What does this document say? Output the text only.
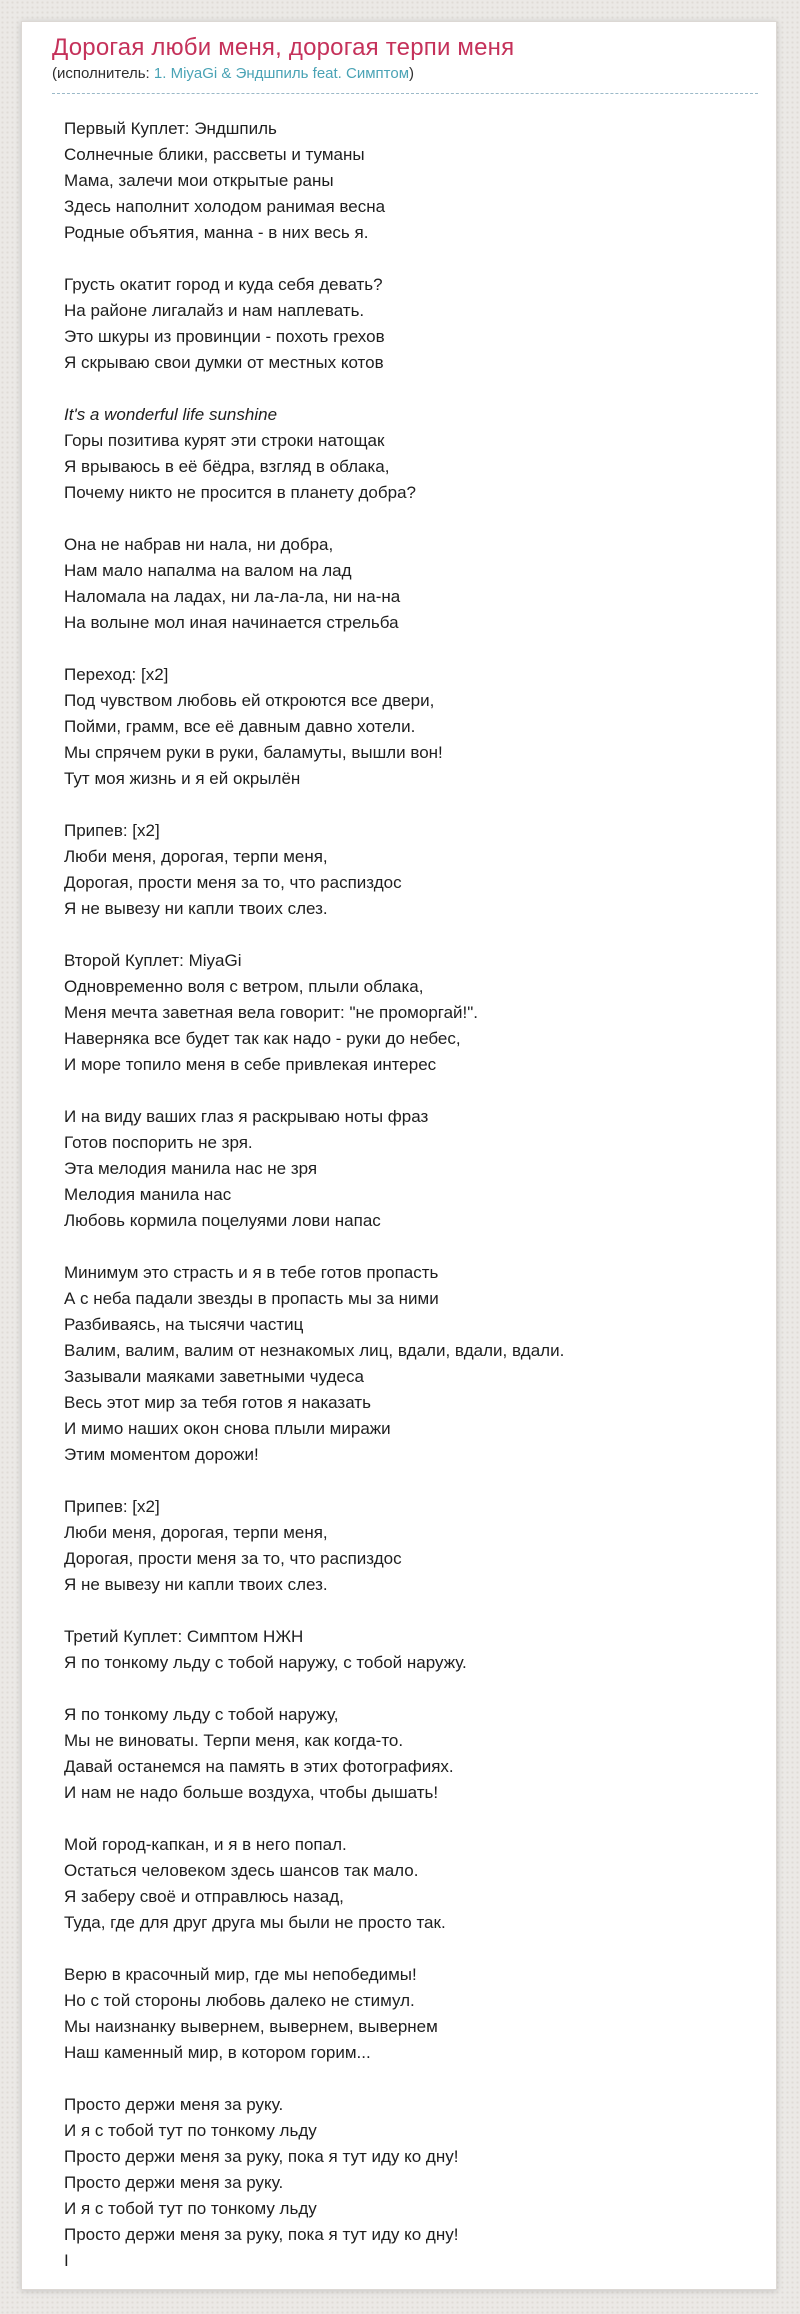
Дорогая люби меня, дорогая терпи меня
(исполнитель: 1. MiyaGi & Эндшпиль feat. Симптом)

Первый Куплет: Эндшпиль
Солнечные блики, рассветы и туманы
Мама, залечи мои открытые раны
Здесь наполнит холодом ранимая весна
Родные объятия, манна - в них весь я.

Грусть окатит город и куда себя девать?
На районе лигалайз и нам наплевать.
Это шкуры из провинции - похоть грехов
Я скрываю свои думки от местных котов

It's a wonderful life sunshine
Горы позитива курят эти строки натощак
Я врываюсь в её бёдра, взгляд в облака,
Почему никто не просится в планету добра?

Она не набрав ни нала, ни добра,
Нам мало напалма на валом на лад
Наломала на ладах, ни ла-ла-ла, ни на-на
На волыне мол иная начинается стрельба

Переход: [x2]
Под чувством любовь ей откроются все двери,
Пойми, грамм, все её давным давно хотели.
Мы спрячем руки в руки, баламуты, вышли вон!
Тут моя жизнь и я ей окрылён

Припев: [x2]
Люби меня, дорогая, терпи меня,
Дорогая, прости меня за то, что распиздос
Я не вывезу ни капли твоих слез.

Второй Куплет: MiyaGi
Одновременно воля с ветром, плыли облака,
Меня мечта заветная вела говорит: "не проморгай!".
Наверняка все будет так как надо - руки до небес,
И море топило меня в себе привлекая интерес

И на виду ваших глаз я раскрываю ноты фраз
Готов поспорить не зря.
Эта мелодия манила нас не зря
Мелодия манила нас
Любовь кормила поцелуями лови напас

Минимум это страсть и я в тебе готов пропасть
А с неба падали звезды в пропасть мы за ними
Разбиваясь, на тысячи частиц
Валим, валим, валим от незнакомых лиц, вдали, вдали, вдали.
Зазывали маяками заветными чудеса
Весь этот мир за тебя готов я наказать
И мимо наших окон снова плыли миражи
Этим моментом дорожи!

Припев: [x2]
Люби меня, дорогая, терпи меня,
Дорогая, прости меня за то, что распиздос
Я не вывезу ни капли твоих слез.

Третий Куплет: Симптом НЖН
Я по тонкому льду с тобой наружу, с тобой наружу.

Я по тонкому льду с тобой наружу,
Мы не виноваты. Терпи меня, как когда-то.
Давай останемся на память в этих фотографиях.
И нам не надо больше воздуха, чтобы дышать!

Мой город-капкан, и я в него попал.
Остаться человеком здесь шансов так мало.
Я заберу своё и отправлюсь назад,
Туда, где для друг друга мы были не просто так.

Верю в красочный мир, где мы непобедимы!
Но с той стороны любовь далеко не стимул.
Мы наизнанку вывернем, вывернем, вывернем
Наш каменный мир, в котором горим...

Просто держи меня за руку.
И я с тобой тут по тонкому льду
Просто держи меня за руку, пока я тут иду ко дну!
Просто держи меня за руку.
И я с тобой тут по тонкому льду
Просто держи меня за руку, пока я тут иду ко дну!
I
